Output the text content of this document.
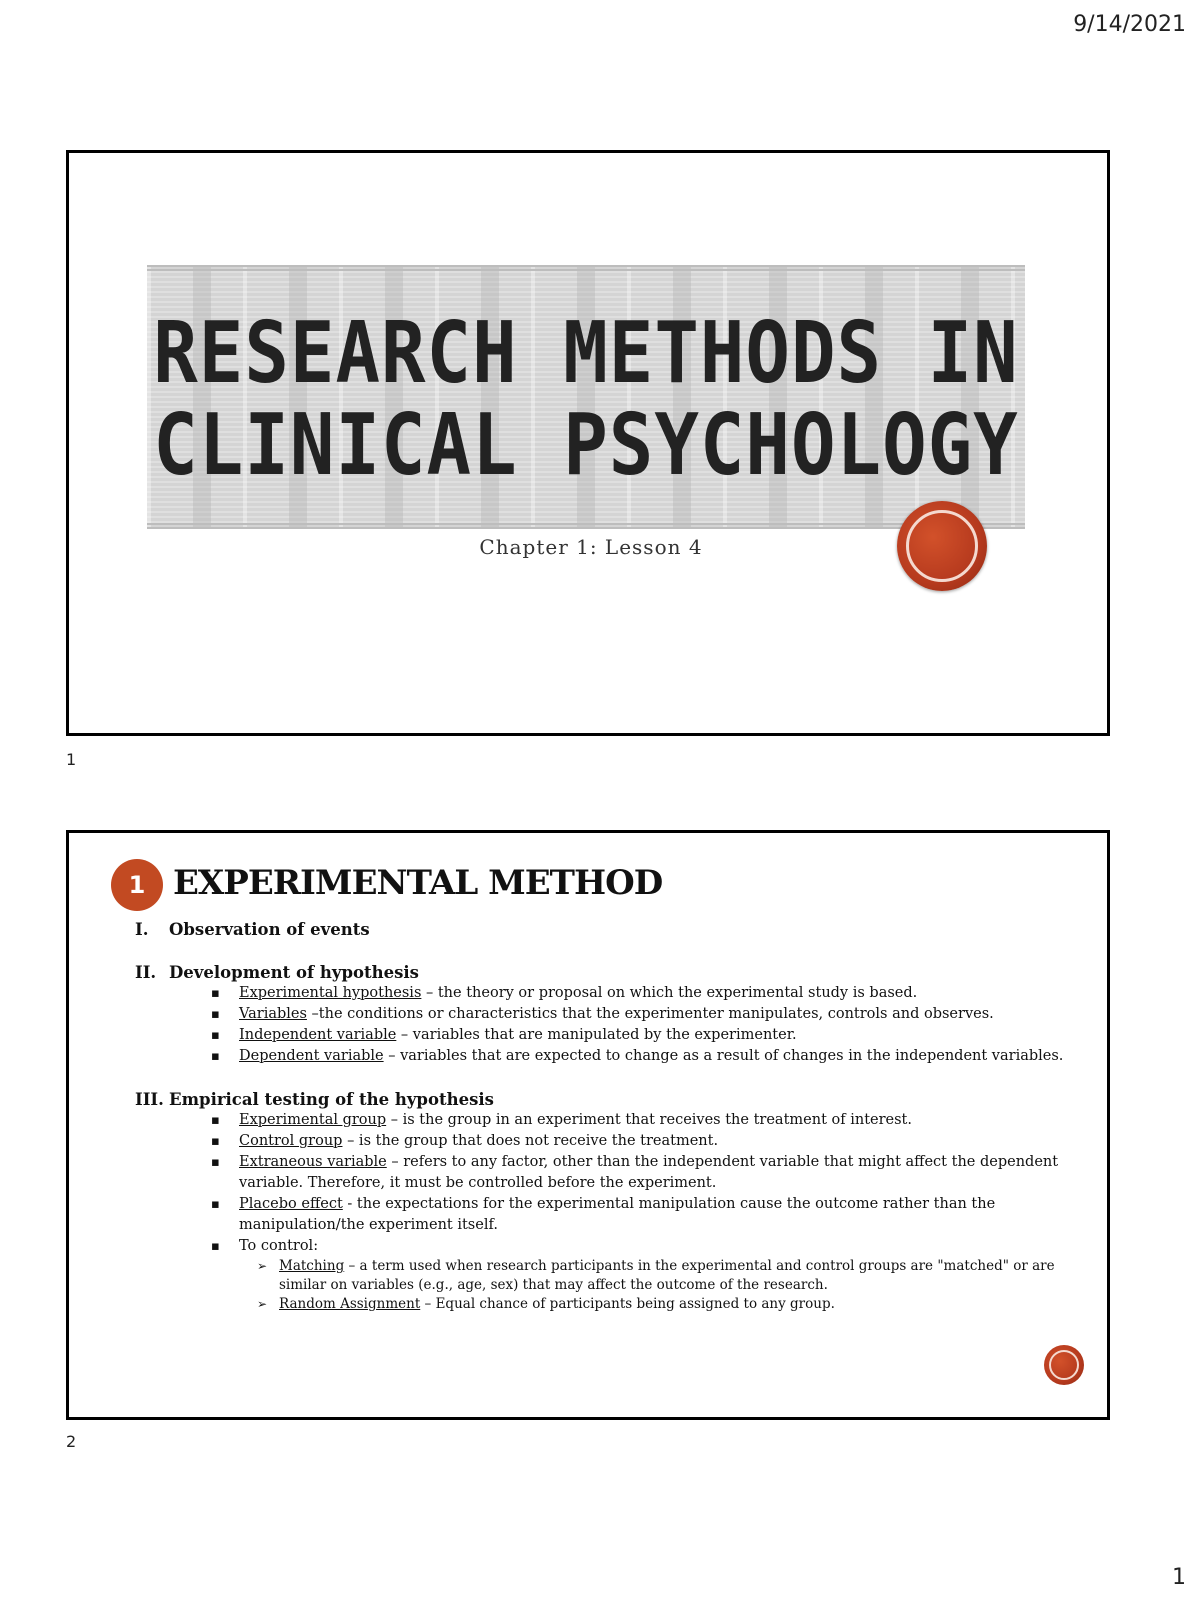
9/14/2021
RESEARCH METHODS IN
CLINICAL PSYCHOLOGY
Chapter 1: Lesson 4
1
1 EXPERIMENTAL METHOD

I. Observation of events

II. Development of hypothesis

▪ Experimental hypothesis – the theory or proposal on which the experimental study is based.
▪ Variables –the conditions or characteristics that the experimenter manipulates, controls and observes.
▪ Independent variable – variables that are manipulated by the experimenter.
▪ Dependent variable – variables that are expected to change as a result of changes in the independent variables.

III. Empirical testing of the hypothesis

▪ Experimental group – is the group in an experiment that receives the treatment of interest.
▪ Control group – is the group that does not receive the treatment.
▪ Extraneous variable – refers to any factor, other than the independent variable that might affect the dependent variable. Therefore, it must be controlled before the experiment.
▪ Placebo effect - the expectations for the experimental manipulation cause the outcome rather than the manipulation/the experiment itself.
▪ To control:
➢ Matching – a term used when research participants in the experimental and control groups are "matched" or are similar on variables (e.g., age, sex) that may affect the outcome of the research.
➢ Random Assignment – Equal chance of participants being assigned to any group.
2
1
